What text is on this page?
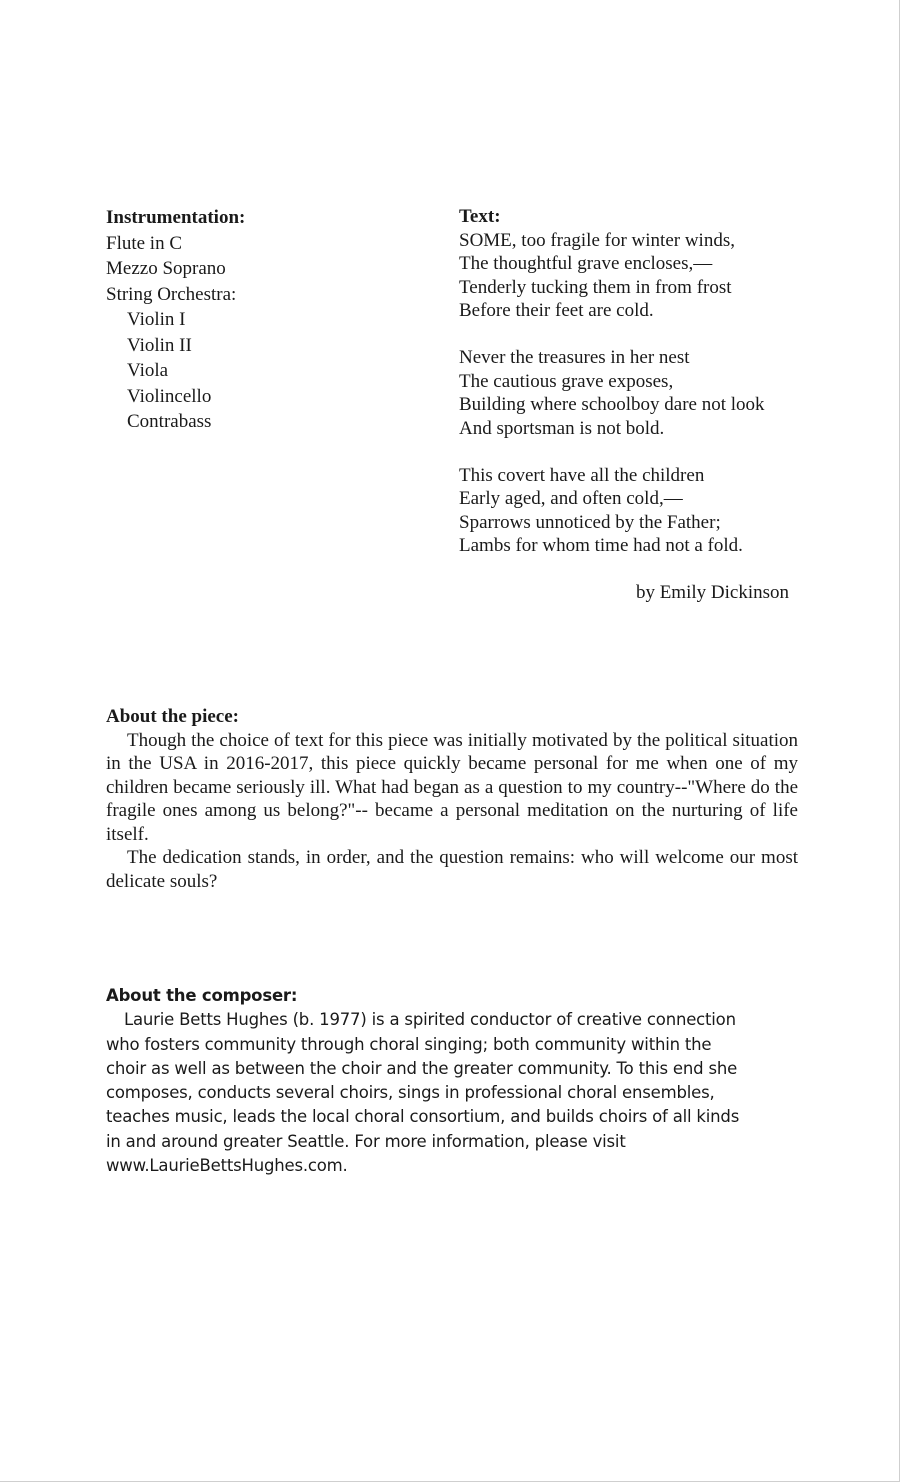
Instrumentation:
Flute in C
Mezzo Soprano
String Orchestra:
Violin I
Violin II
Viola
Violincello
Contrabass
Text:
SOME, too fragile for winter winds,
The thoughtful grave encloses,—
Tenderly tucking them in from frost
Before their feet are cold.
Never the treasures in her nest
The cautious grave exposes,
Building where schoolboy dare not look
And sportsman is not bold.
This covert have all the children
Early aged, and often cold,—
Sparrows unnoticed by the Father;
Lambs for whom time had not a fold.
by Emily Dickinson
About the piece:

Though the choice of text for this piece was initially motivated by the political situation in the USA in 2016-2017, this piece quickly became personal for me when one of my children became seriously ill. What had began as a question to my country--"Where do the fragile ones among us belong?"-- became a personal meditation on the nurturing of life itself.

The dedication stands, in order, and the question remains: who will welcome our most delicate souls?

About the composer:

Laurie Betts Hughes (b. 1977) is a spirited conductor of creative connection who fosters community through choral singing; both community within the choir as well as between the choir and the greater community. To this end she composes, conducts several choirs, sings in professional choral ensembles, teaches music, leads the local choral consortium, and builds choirs of all kinds in and around greater Seattle. For more information, please visit www.LaurieBettsHughes.com.
